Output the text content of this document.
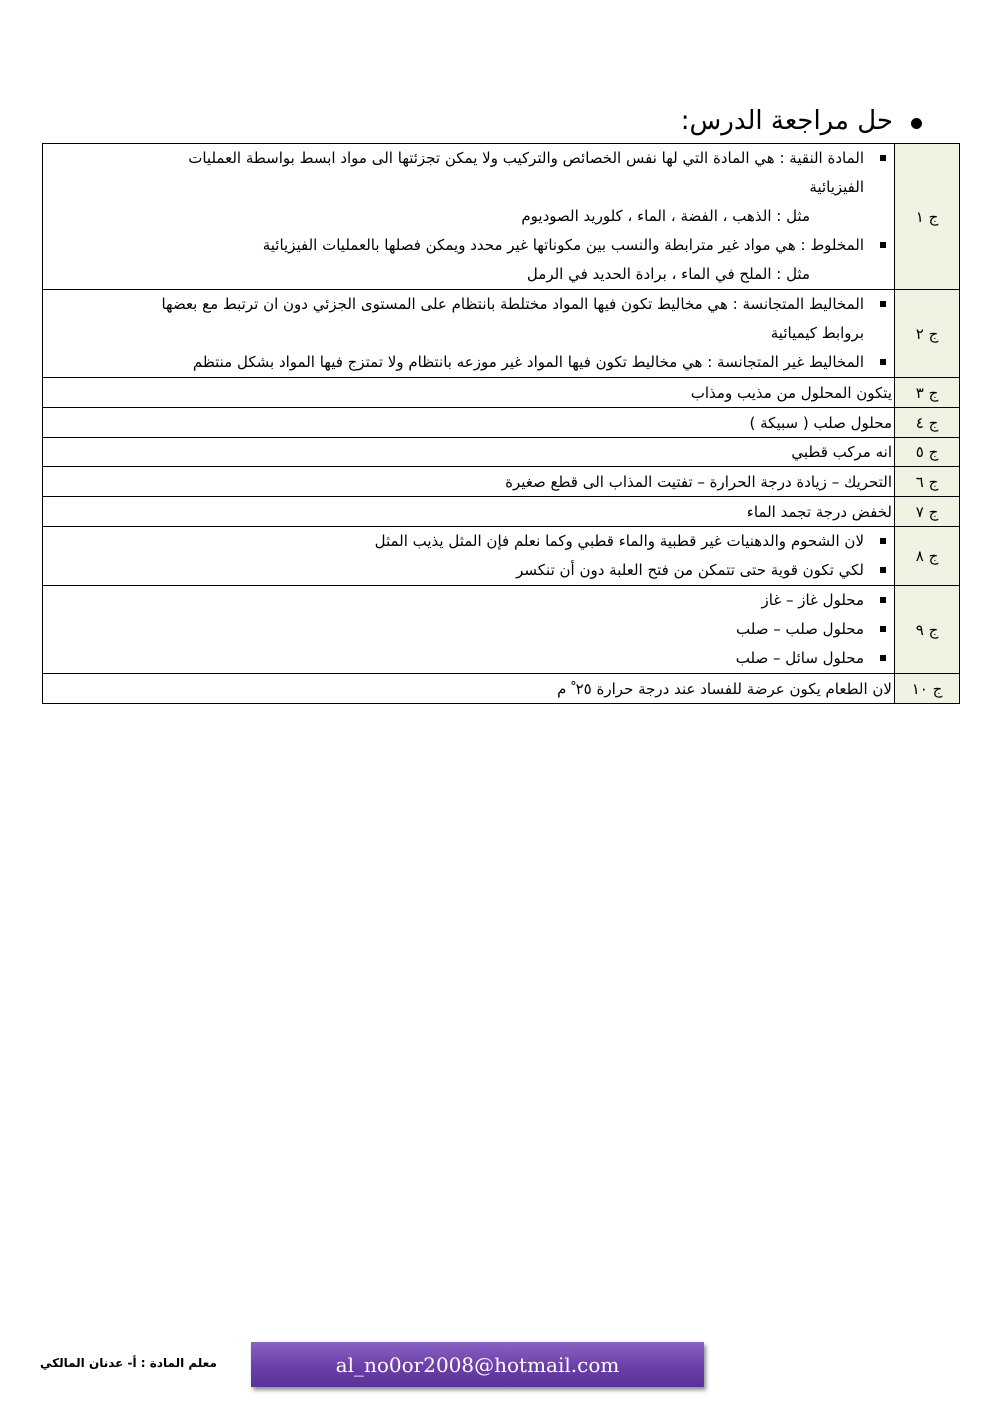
حل مراجعة الدرس:
ج ١	المادة النقية : هي المادة التي لها نفس الخصائص والتركيب ولا يمكن تجزئتها الى مواد ابسط بواسطة العمليات
الفيزيائية
مثل : الذهب ، الفضة ، الماء ، كلوريد الصوديوم
المخلوط : هي مواد غير مترابطة والنسب بين مكوناتها غير محدد ويمكن فصلها بالعمليات الفيزيائية
مثل : الملح في الماء ، برادة الحديد في الرمل

ج ٢	المخاليط المتجانسة : هي مخاليط تكون فيها المواد مختلطة بانتظام على المستوى الجزئي دون ان ترتبط مع بعضها
بروابط كيميائية
المخاليط غير المتجانسة : هي مخاليط تكون فيها المواد غير موزعه بانتظام ولا تمتزج فيها المواد بشكل منتظم

ج ٣	يتكون المحلول من مذيب ومذاب

ج ٤	محلول صلب ( سبيكة )

ج ٥	انه مركب قطبي

ج ٦	التحريك – زيادة درجة الحرارة – تفتيت المذاب الى قطع صغيرة

ج ٧	لخفض درجة تجمد الماء

ج ٨	لان الشحوم والدهنيات غير قطبية والماء قطبي وكما نعلم فإن المثل يذيب المثل
لكي تكون قوية حتى تتمكن من فتح العلبة دون أن تنكسر

ج ٩	محلول غاز – غاز
محلول صلب – صلب
محلول سائل – صلب

ج ١٠	لان الطعام يكون عرضة للفساد عند درجة حرارة ٢٥ ْ م
معلم المادة : أ- عدنان المالكي	al_no0or2008@hotmail.com
